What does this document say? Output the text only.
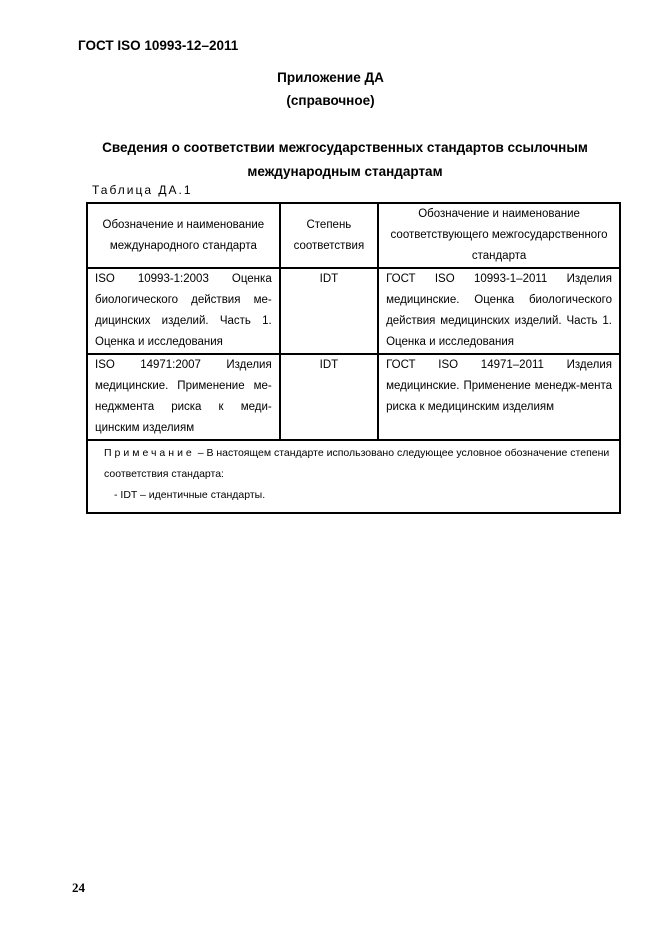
ГОСТ ISO 10993-12–2011
Приложение ДА
(справочное)
Сведения о соответствии межгосударственных стандартов ссылочным международным стандартам
Таблица ДА.1
Обозначение и наименование международного стандарта	Степень соответствия	Обозначение и наименование соответствующего межгосударственного стандарта

ISO 10993-1:2003 Оценка биологического действия ме-дицинских изделий. Часть 1. Оценка и исследования	IDT	ГОСТ ISO 10993-1–2011 Изделия медицинские. Оценка биологического действия медицинских изделий. Часть 1. Оценка и исследования

ISO 14971:2007 Изделия медицинские. Применение ме-неджмента риска к меди-цинским изделиям	IDT	ГОСТ ISO 14971–2011 Изделия медицинские. Применение менедж-мента риска к медицинским изделиям

Примечание – В настоящем стандарте использовано следующее условное обозначение степени соответствия стандарта:
- IDT – идентичные стандарты.		
24
